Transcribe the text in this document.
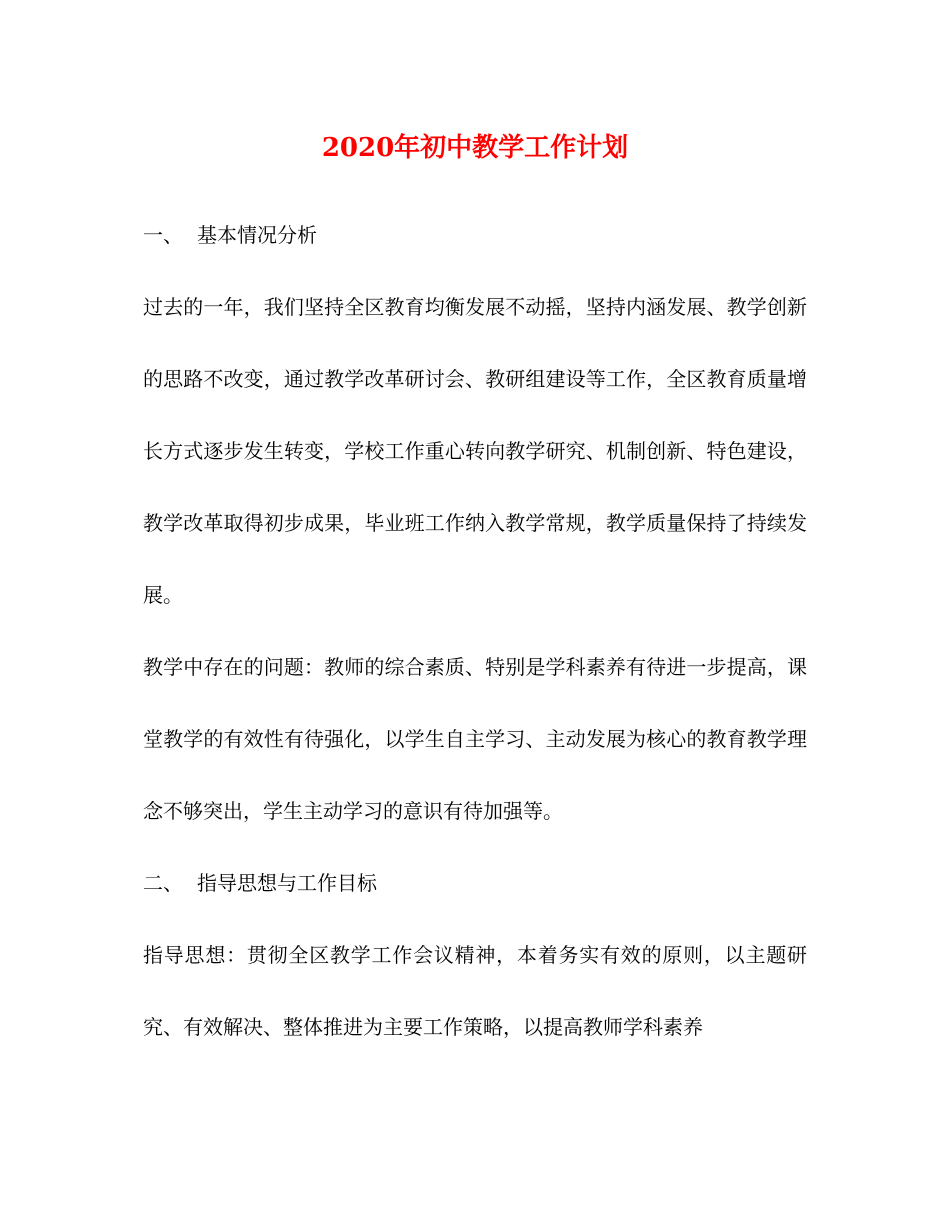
2020年初中教学工作计划
一、 基本情况分析

过去的一年，我们坚持全区教育均衡发展不动摇，坚持内涵发展、教学创新的思路不改变，通过教学改革研讨会、教研组建设等工作，全区教育质量增长方式逐步发生转变，学校工作重心转向教学研究、机制创新、特色建设，教学改革取得初步成果，毕业班工作纳入教学常规，教学质量保持了持续发展。

教学中存在的问题：教师的综合素质、特别是学科素养有待进一步提高，课堂教学的有效性有待强化，以学生自主学习、主动发展为核心的教育教学理念不够突出，学生主动学习的意识有待加强等。

二、 指导思想与工作目标

指导思想：贯彻全区教学工作会议精神，本着务实有效的原则，以主题研究、有效解决、整体推进为主要工作策略，以提高教师学科素养
